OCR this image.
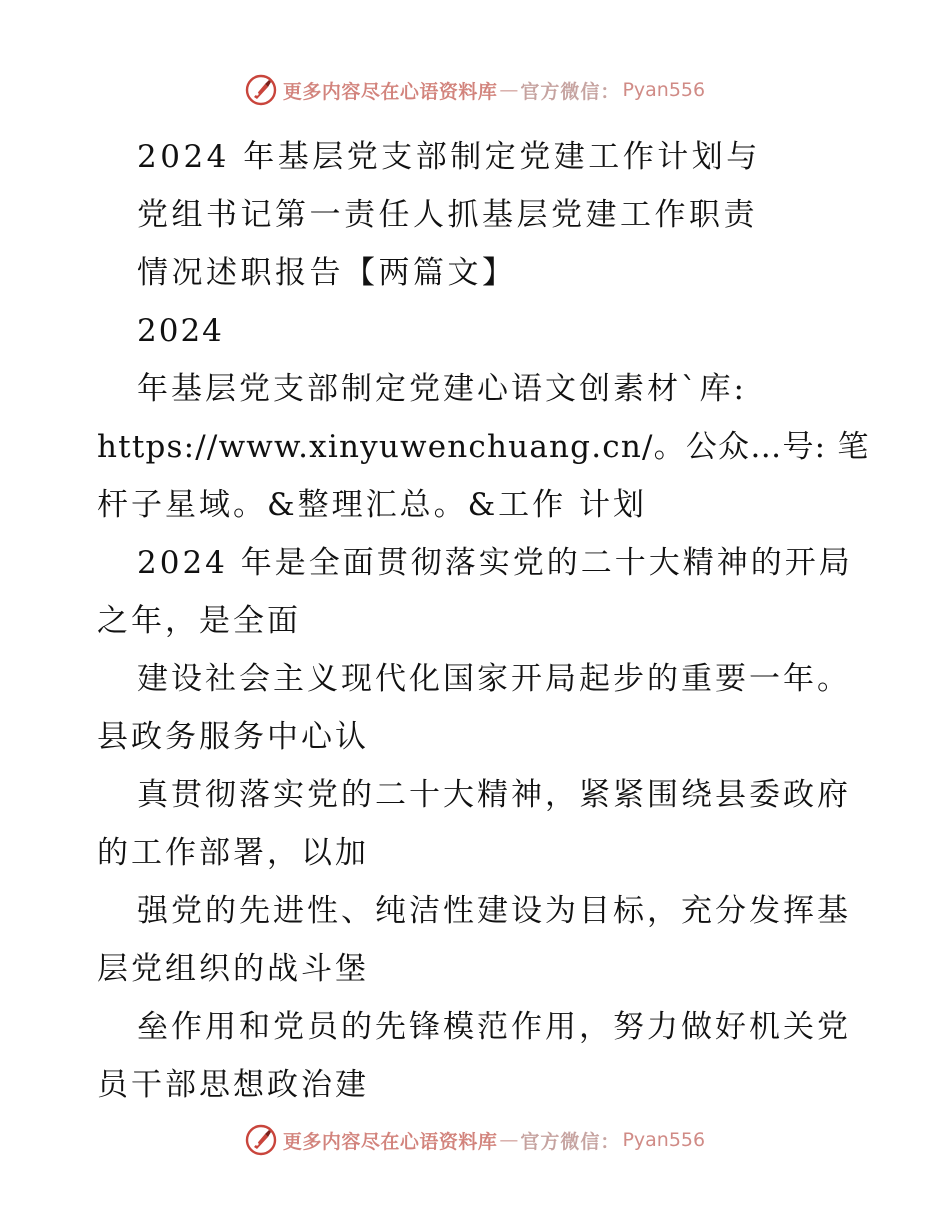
更多内容尽在心语资料库 — 官方微信： Pyan556
2024 年基层党支部制定党建工作计划与
党组书记第一责任人抓基层党建工作职责
情况述职报告【两篇文】
2024
年基层党支部制定党建心语文创素材`库:
https://www.xinyuwenchuang.cn/。公众…号: 笔
杆子星域。&整理汇总。&工作 计划
2024 年是全面贯彻落实党的二十大精神的开局
之年，是全面
建设社会主义现代化国家开局起步的重要一年。
县政务服务中心认
真贯彻落实党的二十大精神，紧紧围绕县委政府
的工作部署，以加
强党的先进性、纯洁性建设为目标，充分发挥基
层党组织的战斗堡
垒作用和党员的先锋模范作用，努力做好机关党
员干部思想政治建
更多内容尽在心语资料库 — 官方微信： Pyan556
